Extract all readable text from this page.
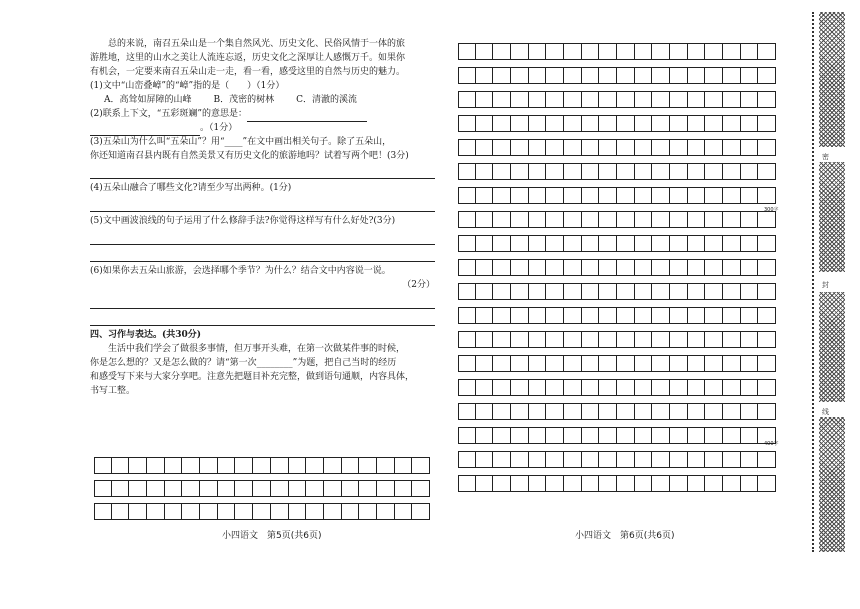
总的来说，南召五朵山是一个集自然风光、历史文化、民俗风情于一体的旅

游胜地，这里的山水之美让人流连忘返，历史文化之深厚让人感慨万千。如果你

有机会，一定要来南召五朵山走一走，看一看，感受这里的自然与历史的魅力。

(1)文中“山峦叠嶂”的“嶂”指的是（　　）（1分）

A．高耸如屏障的山峰 B．茂密的树林 C．清澈的溪流

(2)联系上下文，“五彩斑斓”的意思是：

。（1分）

(3)五朵山为什么叫“五朵山”？用“____”在文中画出相关句子。除了五朵山，

你还知道南召县内既有自然美景又有历史文化的旅游地吗？试着写两个吧！(3分)

(4)五朵山融合了哪些文化?请至少写出两种。(1分)

(5)文中画波浪线的句子运用了什么修辞手法?你觉得这样写有什么好处?(3分)

(6)如果你去五朵山旅游，会选择哪个季节？为什么？结合文中内容说一说。

（2分）

四、习作与表达。(共30分)

生活中我们学会了做很多事情，但万事开头难，在第一次做某件事的时候，

你是怎么想的？又是怎么做的？请“第一次________”为题，把自己当时的经历

和感受写下来与大家分享吧。注意先把题目补充完整，做到语句通顺，内容具体，

书写工整。

300字
400字
小四语文　第5页(共6页)	小四语文　第6页(共6页)
密
封
线
